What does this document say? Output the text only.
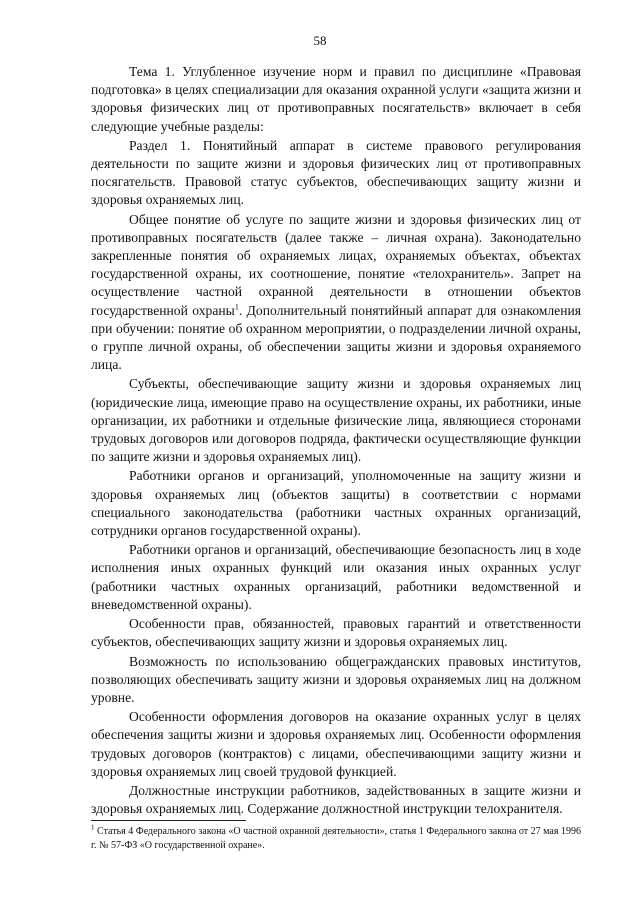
58

Тема 1. Углубленное изучение норм и правил по дисциплине «Правовая подготовка» в целях специализации для оказания охранной услуги «защита жизни и здоровья физических лиц от противоправных посягательств» включает в себя следующие учебные разделы:

Раздел 1. Понятийный аппарат в системе правового регулирования деятельности по защите жизни и здоровья физических лиц от противоправных посягательств. Правовой статус субъектов, обеспечивающих защиту жизни и здоровья охраняемых лиц.

Общее понятие об услуге по защите жизни и здоровья физических лиц от противоправных посягательств (далее также – личная охрана). Законодательно закрепленные понятия об охраняемых лицах, охраняемых объектах, объектах государственной охраны, их соотношение, понятие «телохранитель». Запрет на осуществление частной охранной деятельности в отношении объектов государственной охраны$^1$. Дополнительный понятийный аппарат для ознакомления при обучении: понятие об охранном мероприятии, о подразделении личной охраны, о группе личной охраны, об обеспечении защиты жизни и здоровья охраняемого лица.

Субъекты, обеспечивающие защиту жизни и здоровья охраняемых лиц (юридические лица, имеющие право на осуществление охраны, их работники, иные организации, их работники и отдельные физические лица, являющиеся сторонами трудовых договоров или договоров подряда, фактически осуществляющие функции по защите жизни и здоровья охраняемых лиц).

Работники органов и организаций, уполномоченные на защиту жизни и здоровья охраняемых лиц (объектов защиты) в соответствии с нормами специального законодательства (работники частных охранных организаций, сотрудники органов государственной охраны).

Работники органов и организаций, обеспечивающие безопасность лиц в ходе исполнения иных охранных функций или оказания иных охранных услуг (работники частных охранных организаций, работники ведомственной и вневедомственной охраны).

Особенности прав, обязанностей, правовых гарантий и ответственности субъектов, обеспечивающих защиту жизни и здоровья охраняемых лиц.

Возможность по использованию общегражданских правовых институтов, позволяющих обеспечивать защиту жизни и здоровья охраняемых лиц на должном уровне.

Особенности оформления договоров на оказание охранных услуг в целях обеспечения защиты жизни и здоровья охраняемых лиц. Особенности оформления трудовых договоров (контрактов) с лицами, обеспечивающими защиту жизни и здоровья охраняемых лиц своей трудовой функцией.

Должностные инструкции работников, задействованных в защите жизни и здоровья охраняемых лиц. Содержание должностной инструкции телохранителя.

$^1$ Статья 4 Федерального закона «О частной охранной деятельности», статья 1 Федерального закона от 27 мая 1996 г. № 57-ФЗ «О государственной охране».
